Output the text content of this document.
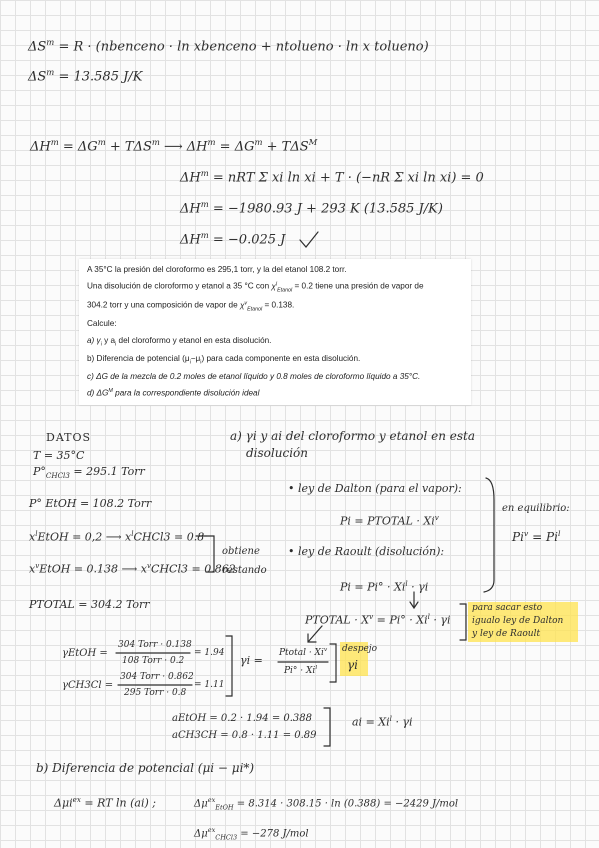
$\Delta S^m = R$ · (nbenceno · ln xbenceno + ntolueno · ln x tolueno)
$\Delta S^m = 13.585$ J/K
$\Delta H^m = \Delta G^m + T\Delta S^m$ ⟶ $\Delta H^m = \Delta G^m + T\Delta S^M$
$\Delta H^m$ = nRT Σ xi ln xi + T · (−nR Σ xi ln xi) = 0
$\Delta H^m = -1980.93$ J + 293 K (13.585 J/K)
$\Delta H^m = -0.025$ J

A 35°C la presión del cloroformo es 295,1 torr, y la del etanol 108.2 torr.

Una disolución de cloroformo y etanol a 35 °C con $\chi^l_{Etanol} = 0.2$ tiene una presión de vapor de

304.2 torr y una composición de vapor de $\chi^v_{Etanol} = 0.138$.

Calcule:

a) $\gamma_i$ y $a_i$ del cloroformo y etanol en esta disolución.

b) Diferencia de potencial $(\mu_i-\mu_i)$ para cada componente en esta disolución.

c) ΔG de la mezcla de 0.2 moles de etanol líquido y 0.8 moles de cloroformo líquido a 35°C.

d) $\Delta G^M$ para la correspondiente disolución ideal

DATOS
T = 35°C
$P^\circ_{CHCl3} = 295.1$ Torr
P° EtOH = 108.2 Torr
$x^lEtOH = 0,2$ ⟶ $x^lCHCl3 = 0.8$
$x^vEtOH = 0.138$ ⟶ $x^vCHCl3 = 0.862$
obtiene
restando
PTOTAL = 304.2 Torr
a) γi y ai del cloroformo y etanol en esta
disolución
• ley de Dalton (para el vapor):
Pi = PTOTAL · $Xi^v$
• ley de Raoult (disolución):
$Pi = Pi^\circ \cdot Xi^l \cdot \gamma i$
PTOTAL · $X^v = Pi^\circ \cdot Xi^l \cdot \gamma i$
en equilibrio:
$Pi^v = Pi^l$
para sacar esto
igualo ley de Dalton
y ley de Raoult
despejo
γi
γi =
Ptotal · $Xi^v$
$Pi^\circ \cdot Xi^l$
γEtOH =
304 Torr · 0.138
108 Torr · 0.2
= 1.94
γCH3Cl =
304 Torr · 0.862
295 Torr · 0.8
= 1.11
aEtOH = 0.2 · 1.94 = 0.388
aCH3CH = 0.8 · 1.11 = 0.89
ai = $Xi^l \cdot \gamma i$
b) Diferencia de potencial (μi − μi*)
Δμi$^{ex}$ = RT ln (ai) ;	$\Delta\mu^{ex}_{EtOH} = 8.314 \cdot 308.15 \cdot \ln (0.388) = -2429$ J/mol
$\Delta\mu^{ex}_{CHCl3} = -278$ J/mol
